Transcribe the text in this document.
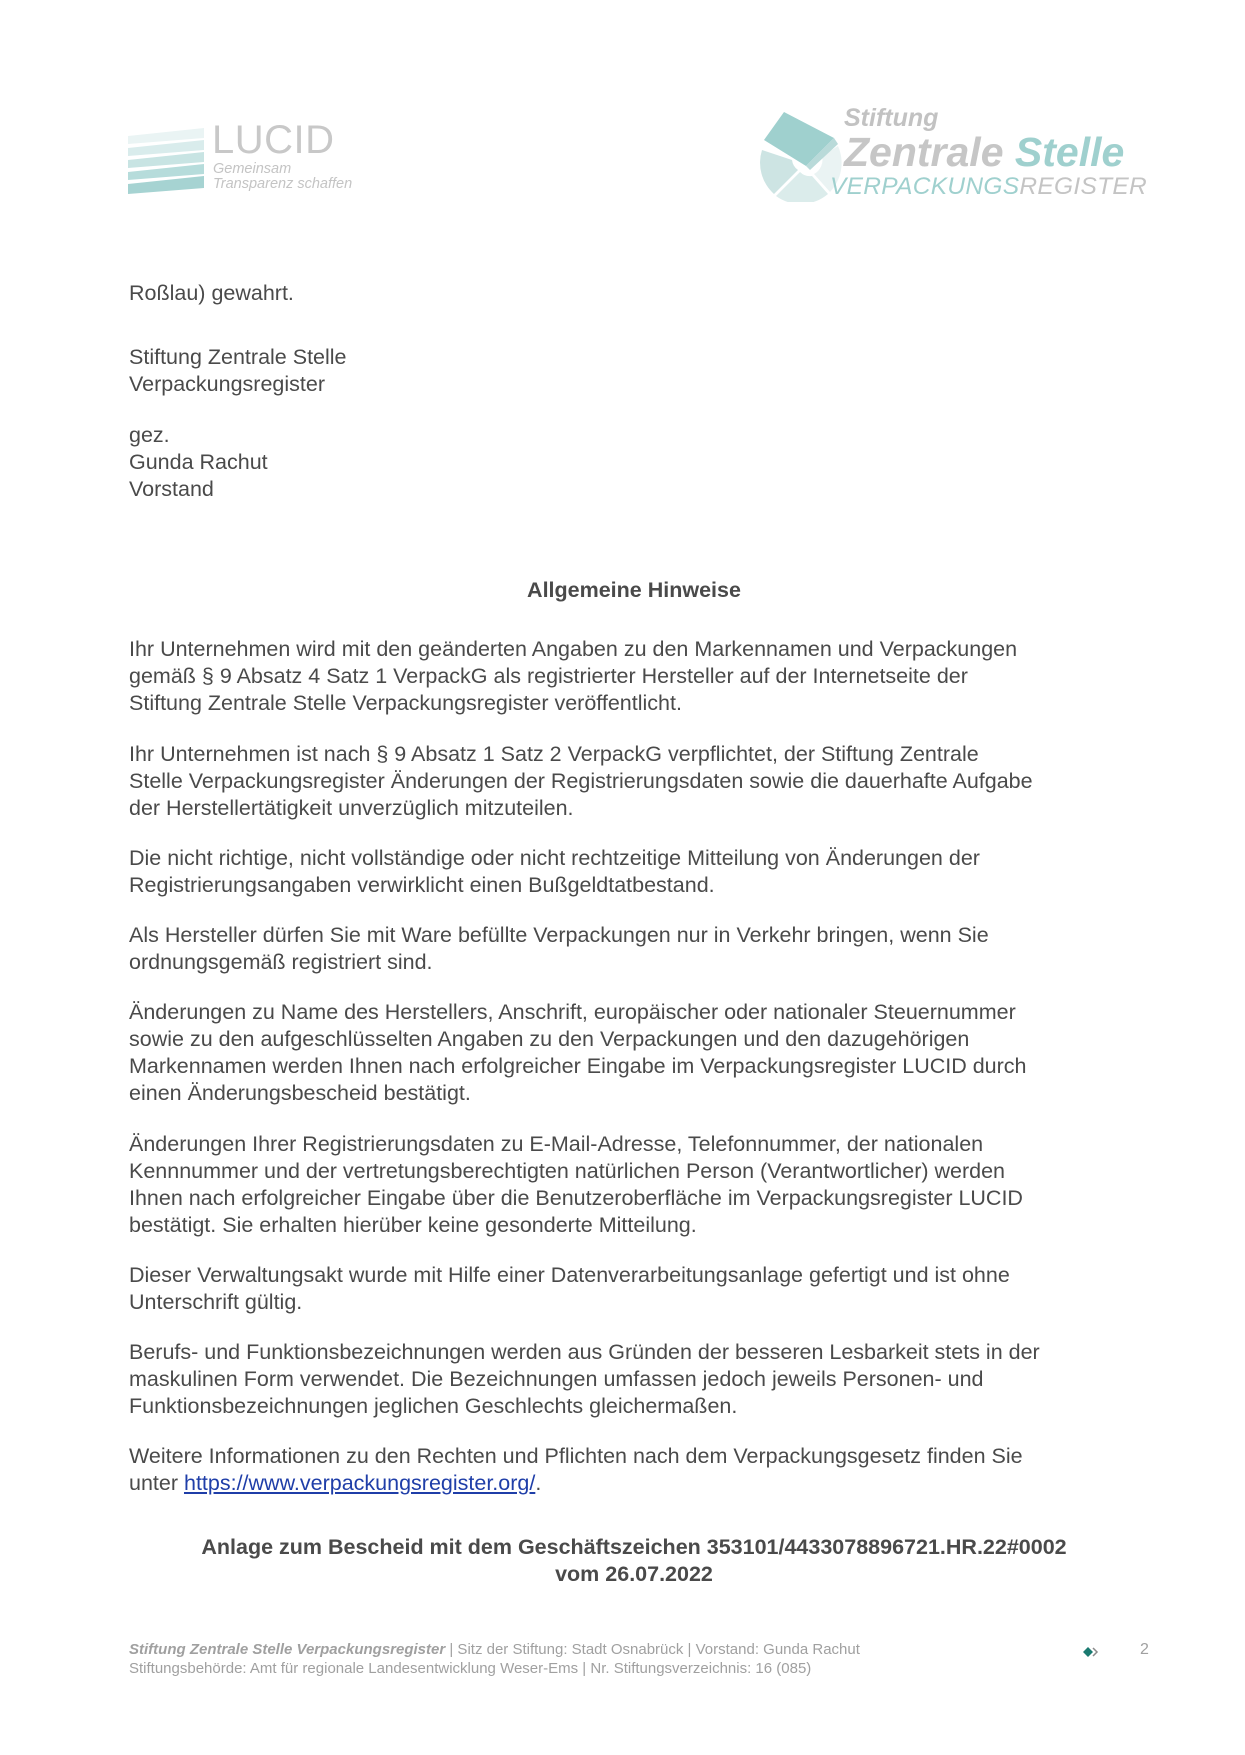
LUCID
Gemeinsam
Transparenz schaffen
Stiftung
Zentrale Stelle
VERPACKUNGSREGISTER
Roßlau) gewahrt.
Stiftung Zentrale Stelle
Verpackungsregister
gez.
Gunda Rachut
Vorstand
Allgemeine Hinweise
Ihr Unternehmen wird mit den geänderten Angaben zu den Markennamen und Verpackungen
gemäß § 9 Absatz 4 Satz 1 VerpackG als registrierter Hersteller auf der Internetseite der
Stiftung Zentrale Stelle Verpackungsregister veröffentlicht.
Ihr Unternehmen ist nach § 9 Absatz 1 Satz 2 VerpackG verpflichtet, der Stiftung Zentrale
Stelle Verpackungsregister Änderungen der Registrierungsdaten sowie die dauerhafte Aufgabe
der Herstellertätigkeit unverzüglich mitzuteilen.
Die nicht richtige, nicht vollständige oder nicht rechtzeitige Mitteilung von Änderungen der
Registrierungsangaben verwirklicht einen Bußgeldtatbestand.
Als Hersteller dürfen Sie mit Ware befüllte Verpackungen nur in Verkehr bringen, wenn Sie
ordnungsgemäß registriert sind.
Änderungen zu Name des Herstellers, Anschrift, europäischer oder nationaler Steuernummer
sowie zu den aufgeschlüsselten Angaben zu den Verpackungen und den dazugehörigen
Markennamen werden Ihnen nach erfolgreicher Eingabe im Verpackungsregister LUCID durch
einen Änderungsbescheid bestätigt.
Änderungen Ihrer Registrierungsdaten zu E-Mail-Adresse, Telefonnummer, der nationalen
Kennnummer und der vertretungsberechtigten natürlichen Person (Verantwortlicher) werden
Ihnen nach erfolgreicher Eingabe über die Benutzeroberfläche im Verpackungsregister LUCID
bestätigt. Sie erhalten hierüber keine gesonderte Mitteilung.
Dieser Verwaltungsakt wurde mit Hilfe einer Datenverarbeitungsanlage gefertigt und ist ohne
Unterschrift gültig.
Berufs- und Funktionsbezeichnungen werden aus Gründen der besseren Lesbarkeit stets in der
maskulinen Form verwendet. Die Bezeichnungen umfassen jedoch jeweils Personen- und
Funktionsbezeichnungen jeglichen Geschlechts gleichermaßen.
Weitere Informationen zu den Rechten und Pflichten nach dem Verpackungsgesetz finden Sie
unter https://www.verpackungsregister.org/.
Anlage zum Bescheid mit dem Geschäftszeichen 353101/4433078896721.HR.22#0002
vom 26.07.2022
Stiftung Zentrale Stelle Verpackungsregister | Sitz der Stiftung: Stadt Osnabrück | Vorstand: Gunda Rachut
Stiftungsbehörde: Amt für regionale Landesentwicklung Weser-Ems | Nr. Stiftungsverzeichnis: 16 (085)
2
